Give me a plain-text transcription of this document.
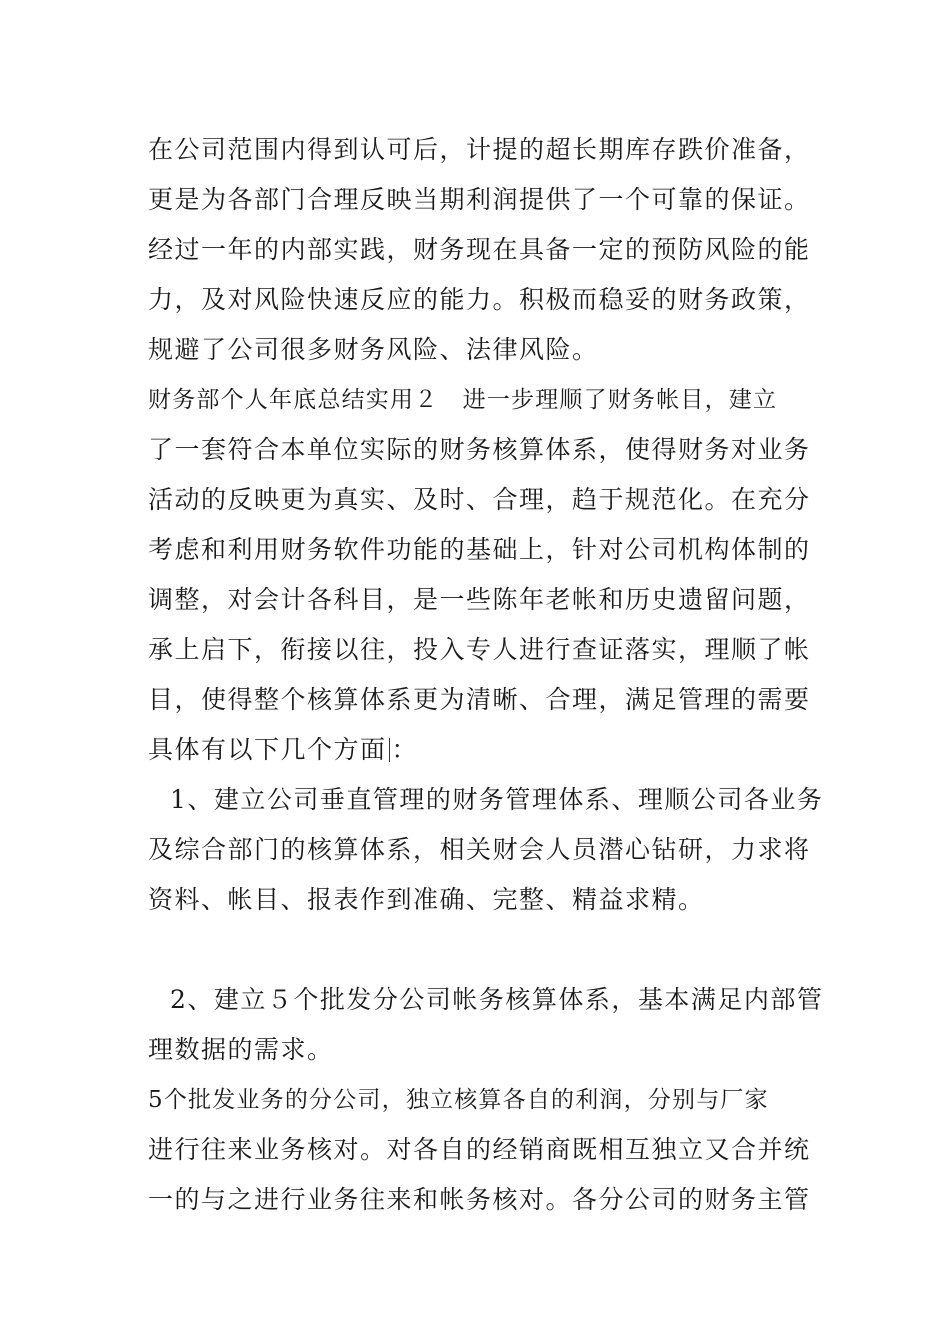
在公司范围内得到认可后，计提的超长期库存跌价准备，
更是为各部门合理反映当期利润提供了一个可靠的保证。
经过一年的内部实践，财务现在具备一定的预防风险的能
力，及对风险快速反应的能力。积极而稳妥的财务政策，
规避了公司很多财务风险、法律风险。
财务部个人年底总结实用２　进一步理顺了财务帐目，建立
了一套符合本单位实际的财务核算体系，使得财务对业务
活动的反映更为真实、及时、合理，趋于规范化。在充分
考虑和利用财务软件功能的基础上，针对公司机构体制的
调整，对会计各科目，是一些陈年老帐和历史遗留问题，
承上启下，衔接以往，投入专人进行查证落实，理顺了帐
目，使得整个核算体系更为清晰、合理，满足管理的需要
具体有以下几个方面 ：
1、建立公司垂直管理的财务管理体系、理顺公司各业务
及综合部门的核算体系，相关财会人员潜心钻研，力求将
资料、帐目、报表作到准确、完整、精益求精。
2、建立５个批发分公司帐务核算体系，基本满足内部管
理数据的需求。
5个批发业务的分公司，独立核算各自的利润，分别与厂家
进行往来业务核对。对各自的经销商既相互独立又合并统
一的与之进行业务往来和帐务核对。各分公司的财务主管
